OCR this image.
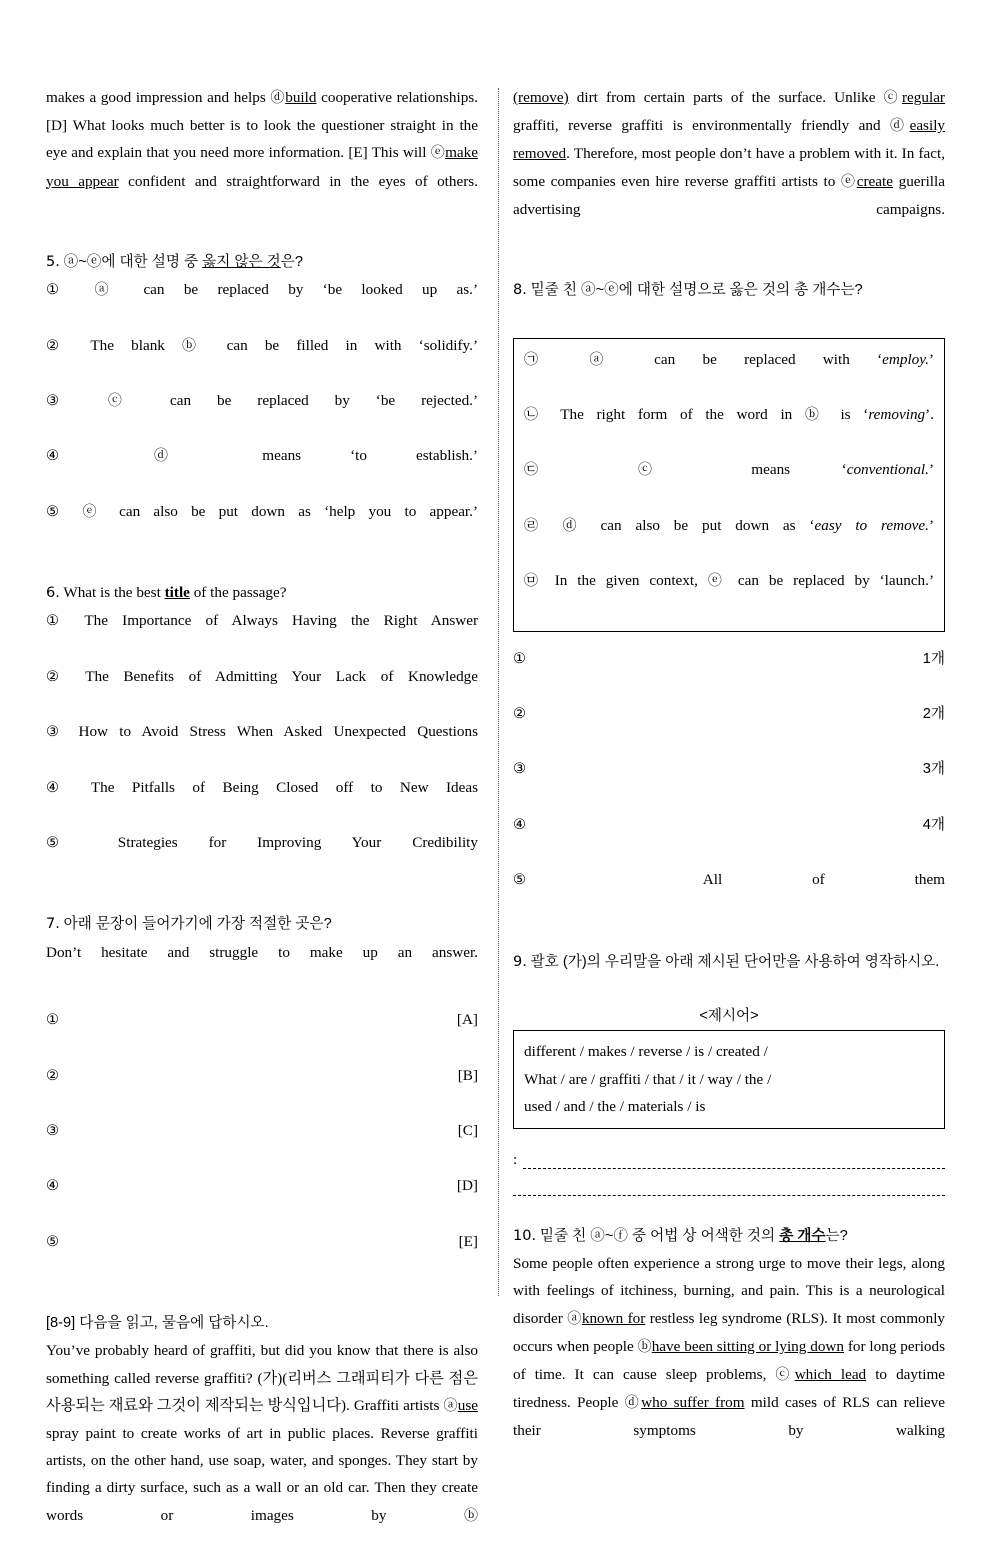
makes a good impression and helps ⓓbuild cooperative relationships. [D] What looks much better is to look the questioner straight in the eye and explain that you need more information. [E] This will ⓔmake you appear confident and straightforward in the eyes of others.

5. ⓐ~ⓔ에 대한 설명 중 옳지 않은 것은?

① ⓐ can be replaced by ‘be looked up as.’

② The blank ⓑ can be filled in with ‘solidify.’

③ ⓒ can be replaced by ‘be rejected.’

④ ⓓ means ‘to establish.’

⑤ ⓔ can also be put down as ‘help you to appear.’

6. What is the best title of the passage?

① The Importance of Always Having the Right Answer

② The Benefits of Admitting Your Lack of Knowledge

③ How to Avoid Stress When Asked Unexpected Questions

④ The Pitfalls of Being Closed off to New Ideas

⑤ Strategies for Improving Your Credibility

7. 아래 문장이 들어가기에 가장 적절한 곳은?

Don’t hesitate and struggle to make up an answer.

① [A]

② [B]

③ [C]

④ [D]

⑤ [E]

[8-9] 다음을 읽고, 물음에 답하시오.

You’ve probably heard of graffiti, but did you know that there is also something called reverse graffiti? (가)(리버스 그래피티가 다른 점은 사용되는 재료와 그것이 제작되는 방식입니다). Graffiti artists ⓐuse spray paint to create works of art in public places. Reverse graffiti artists, on the other hand, use soap, water, and sponges. They start by finding a dirty surface, such as a wall or an old car. Then they create words or images by ⓑ

(remove) dirt from certain parts of the surface. Unlike ⓒregular graffiti, reverse graffiti is environmentally friendly and ⓓeasily removed. Therefore, most people don’t have a problem with it. In fact, some companies even hire reverse graffiti artists to ⓔcreate guerilla advertising campaigns.

8. 밑줄 친 ⓐ~ⓔ에 대한 설명으로 옳은 것의 총 개수는?

㉠ ⓐ can be replaced with ‘employ.’

㉡ The right form of the word in ⓑ is ‘removing’.

㉢ ⓒ means ‘conventional.’

㉣ ⓓ can also be put down as ‘easy to remove.’

㉤ In the given context, ⓔ can be replaced by ‘launch.’

① 1개

② 2개

③ 3개

④ 4개

⑤ All of them

9. 괄호 (가)의 우리말을 아래 제시된 단어만을 사용하여 영작하시오.

<제시어>

different / makes / reverse / is / created /

What / are / graffiti / that / it / way / the /

used / and / the / materials / is

:

10. 밑줄 친 ⓐ~ⓕ 중 어법 상 어색한 것의 총 개수는?

Some people often experience a strong urge to move their legs, along with feelings of itchiness, burning, and pain. This is a neurological disorder ⓐknown for restless leg syndrome (RLS). It most commonly occurs when people ⓑhave been sitting or lying down for long periods of time. It can cause sleep problems, ⓒwhich lead to daytime tiredness. People ⓓwho suffer from mild cases of RLS can relieve their symptoms by walking
